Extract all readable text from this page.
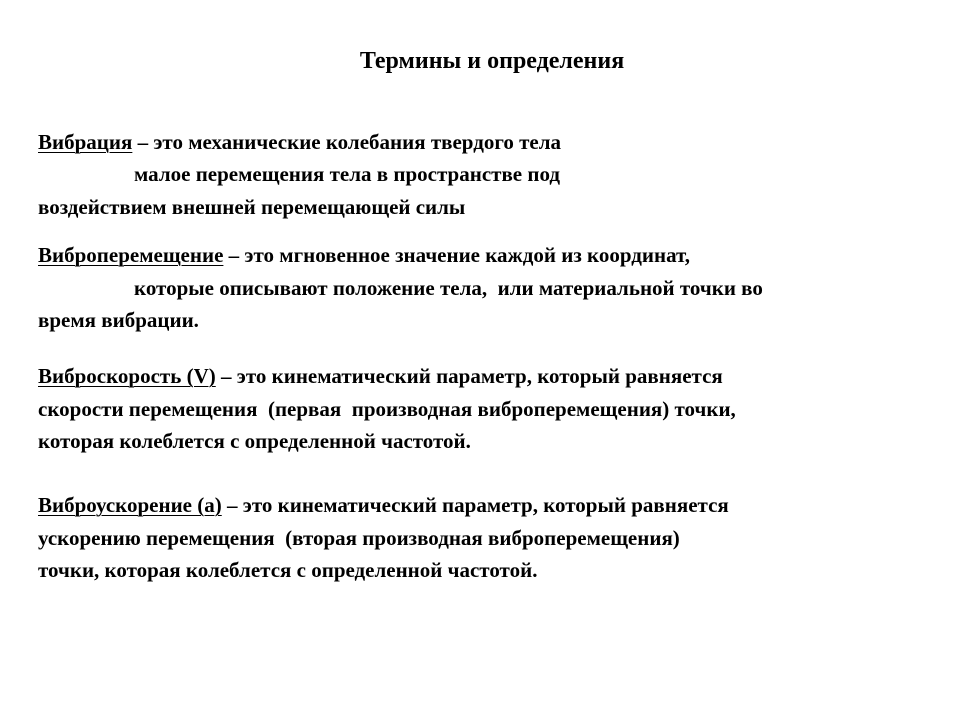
Термины и определения
Вибрация – это механические колебания твердого тела
малое перемещения тела в пространстве под
воздействием внешней перемещающей силы
Виброперемещение – это мгновенное значение каждой из координат,
которые описывают положение тела,  или материальной точки во
время вибрации.
Виброскорость (V) – это кинематический параметр, который равняется
скорости перемещения  (первая  производная виброперемещения) точки,
которая колеблется с определенной частотой.
Виброускорение (а) – это кинематический параметр, который равняется
ускорению перемещения  (вторая производная виброперемещения)
точки, которая колеблется с определенной частотой.
